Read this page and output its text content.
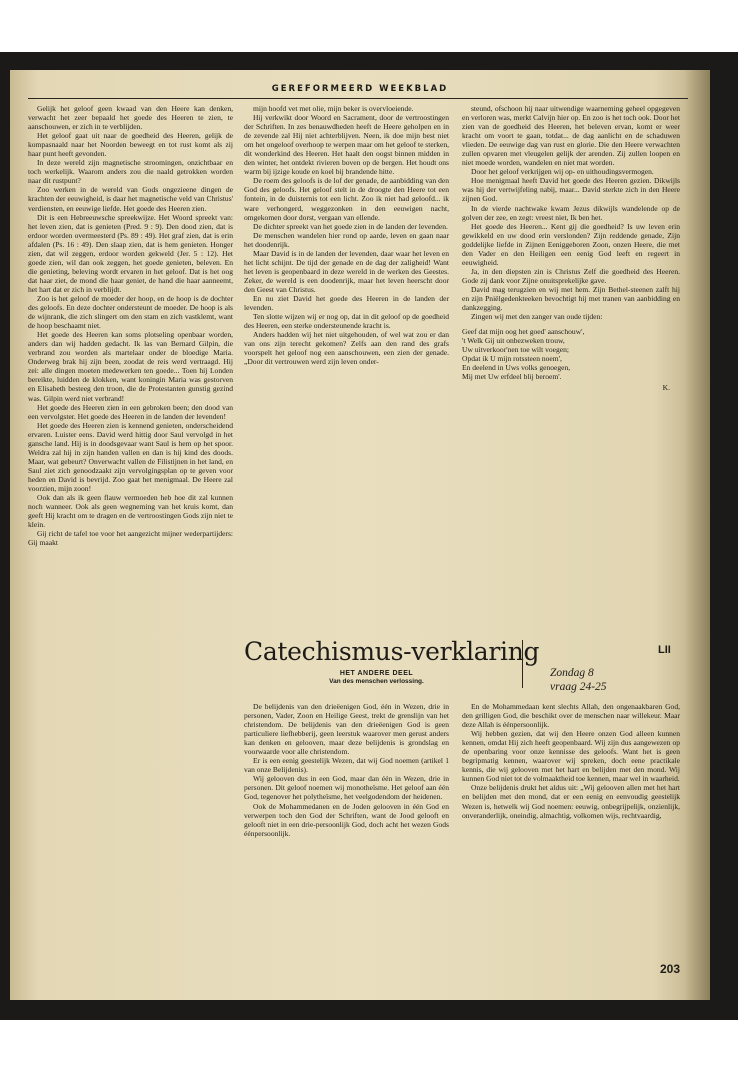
GEREFORMEERD WEEKBLAD

Gelijk het geloof geen kwaad van den Heere kan denken, verwacht het zeer bepaald het goede des Heeren te zien, te aanschouwen, er zich in te verblijden.

Het geloof gaat uit naar de goedheid des Heeren, gelijk de kompasnaald naar het Noorden beweegt en tot rust komt als zij haar punt heeft gevonden.

In deze wereld zijn magnetische stroomingen, onzichtbaar en toch werkelijk. Waarom anders zou die naald getrokken worden naar dit rustpunt?

Zoo werken in de wereld van Gods ongezieene dingen de krachten der eeuwigheid, is daar het magnetische veld van Christus' verdiensten, en eeuwige liefde. Het goede des Heeren zien.

Dit is een Hebreeuwsche spreekwijze. Het Woord spreekt van: het leven zien, dat is genieten (Pred. 9 : 9). Den dood zien, dat is erdoor worden overmeesterd (Ps. 89 : 49). Het graf zien, dat is erin afdalen (Ps. 16 : 49). Den slaap zien, dat is hem genieten. Honger zien, dat wil zeggen, erdoor worden gekweld (Jer. 5 : 12). Het goede zien, wil dan ook zeggen, het goede genieten, beleven. En die genieting, beleving wordt ervaren in het geloof. Dat is het oog dat haar ziet, de mond die haar geniet, de hand die haar aanneemt, het hart dat er zich in verblijdt.

Zoo is het geloof de moeder der hoop, en de hoop is de dochter des geloofs. En deze dochter ondersteunt de moeder. De hoop is als de wijnrank, die zich slingert om den stam en zich vastklemt, want de hoop beschaamt niet.

Het goede des Heeren kan soms plotseling openbaar worden, anders dan wij hadden gedacht. Ik las van Bernard Gilpin, die verbrand zou worden als martelaar onder de bloedige Maria. Onderweg brak hij zijn been, zoodat de reis werd vertraagd. Hij zei: alle dingen moeten medewerken ten goede... Toen hij Londen bereikte, luidden de klokken, want koningin Maria was gestorven en Elisabeth besteeg den troon, die de Protestanten gunstig gezind was. Gilpin werd niet verbrand!

Het goede des Heeren zien in een gebroken been; den dood van een vervolgster. Het goede des Heeren in de landen der levenden!

Het goede des Heeren zien is kennend genieten, onderscheidend ervaren. Luister eens. David werd hittig door Saul vervolgd in het gansche land. Hij is in doodsgevaar want Saul is hem op het spoor. Weldra zal hij in zijn handen vallen en dan is hij kind des doods. Maar, wat gebeurt? Onverwacht vallen de Filistijnen in het land, en Saul ziet zich genoodzaakt zijn vervolgingsplan op te geven voor heden en David is bevrijd. Zoo gaat het menigmaal. De Heere zal voorzien, mijn zoon!

Ook dan als ik geen flauw vermoeden heb hoe dit zal kunnen noch wanneer. Ook als geen wegneming van het kruis komt, dan geeft Hij kracht om te dragen en de vertroostingen Gods zijn niet te klein.

Gij richt de tafel toe voor het aangezicht mijner wederpartijders: Gij maakt

mijn hoofd vet met olie, mijn beker is overvloeiende.

Hij verkwikt door Woord en Sacrament, door de vertroostingen der Schriften. In zes benauwdheden heeft de Heere geholpen en in de zevende zal Hij niet achterblijven. Neen, ik doe mijn best niet om het ongeloof overhoop te werpen maar om het geloof te sterken, dit wonderkind des Heeren. Het haalt den oogst binnen midden in den winter, het ontdekt rivieren boven op de bergen. Het houdt ons warm bij ijzige koude en koel bij brandende hitte.

De roem des geloofs is de lof der genade, de aanbidding van den God des geloofs. Het geloof stelt in de droogte den Heere tot een fontein, in de duisternis tot een licht. Zoo ik niet had geloofd... ik ware verhongerd, weggezonken in den eeuwigen nacht, omgekomen door dorst, vergaan van ellende.

De dichter spreekt van het goede zien in de landen der levenden.

De menschen wandelen hier rond op aarde, leven en gaan naar het doodenrijk.

Maar David is in de landen der levenden, daar waar het leven en het licht schijnt. De tijd der genade en de dag der zaligheid! Want het leven is geopenbaard in deze wereld in de werken des Geestes. Zeker, de wereld is een doodenrijk, maar het leven heerscht door den Geest van Christus.

En nu ziet David het goede des Heeren in de landen der levenden.

Ten slotte wijzen wij er nog op, dat in dit geloof op de goedheid des Heeren, een sterke ondersteunende kracht is.

Anders hadden wij het niet uitgehouden, of wel wat zou er dan van ons zijn terecht gekomen? Zelfs aan den rand des grafs voorspelt het geloof nog een aanschouwen, een zien der genade. „Door dit vertrouwen werd zijn leven onder-

steund, ofschoon hij naar uitwendige waarneming geheel opgegeven en verloren was, merkt Calvijn hier op. En zoo is het toch ook. Door het zien van de goedheid des Heeren, het beleven ervan, komt er weer kracht om voort te gaan, totdat... de dag aanlicht en de schaduwen vlieden. De eeuwige dag van rust en glorie. Die den Heere verwachten zullen opvaren met vleugelen gelijk der arenden. Zij zullen loopen en niet moede worden, wandelen en niet mat worden.

Door het geloof verkrijgen wij op- en uithoudingsvermogen.

Hoe menigmaal heeft David het goede des Heeren gezien. Dikwijls was hij der vertwijfeling nabij, maar... David sterkte zich in den Heere zijnen God.

In de vierde nachtwake kwam Jezus dikwijls wandelende op de golven der zee, en zegt: vreest niet, Ik ben het.

Het goede des Heeren... Kent gij die goedheid? Is uw leven erin gewikkeld en uw dood erin verslonden? Zijn reddende genade, Zijn goddelijke liefde in Zijnen Eeniggeboren Zoon, onzen Heere, die met den Vader en den Heiligen een eenig God leeft en regeert in eeuwigheid.

Ja, in den diepsten zin is Christus Zelf die goedheid des Heeren. Gode zij dank voor Zijne onuitsprekelijke gave.

David mag terugzien en wij met hem. Zijn Bethel-steenen zalft hij en zijn Pniëlgedenkteeken bevochtigt hij met tranen van aanbidding en dankzegging.

Zingen wij met den zanger van oude tijden:

Geef dat mijn oog het goed' aanschouw',
't Welk Gij uit onbezweken trouw,
Uw uitverkoor'nen toe wilt voegen;
Opdat ik U mijn rotssteen noem',
En deelend in Uws volks genoegen,
Mij met Uw erfdeel blij beroem'.
K.
Catechismus-verklaring
HET ANDERE DEEL
Van des menschen verlossing.
LII
Zondag 8
vraag 24-25

De belijdenis van den drieëenigen God, één in Wezen, drie in personen, Vader, Zoon en Heilige Geest, trekt de grenslijn van het christendom. De belijdenis van den drieëenigen God is geen particuliere liefhebberij, geen leerstuk waarover men gerust anders kan denken en gelooven, maar deze belijdenis is grondslag en voorwaarde voor alle christendom.

Er is een eenig geestelijk Wezen, dat wij God noemen (artikel 1 van onze Belijdenis).

Wij gelooven dus in een God, maar dan één in Wezen, drie in personen. Dit geloof noemen wij monotheïsme. Het geloof aan één God, tegenover het polytheïsme, het veelgodendom der heidenen.

Ook de Mohammedanen en de Joden gelooven in één God en verwerpen toch den God der Schriften, want de Jood gelooft en gelooft niet in een drie-persoonlijk God, doch acht het wezen Gods éénpersoonlijk.

En de Mohammedaan kent slechts Allah, den ongenaakbaren God, den grilligen God, die beschikt over de menschen naar willekeur. Maar deze Allah is éénpersoonlijk.

Wij hebben gezien, dat wij den Heere onzen God alleen kunnen kennen, omdat Hij zich heeft geopenbaard. Wij zijn dus aangewezen op de openbaring voor onze kennisse des geloofs. Want het is geen begripmatig kennen, waarover wij spreken, doch eene practikale kennis, die wij gelooven met het hart en belijden met den mond. Wij kunnen God niet tot de volmaaktheid toe kennen, maar wel in waarheid.

Onze belijdenis drukt het aldus uit: „Wij gelooven allen met het hart en belijden met den mond, dat er een eenig en eenvoudig geestelijk Wezen is, hetwelk wij God noemen: eeuwig, onbegrijpelijk, onzienlijk, onveranderlijk, oneindig, almachtig, volkomen wijs, rechtvaardig,

203
